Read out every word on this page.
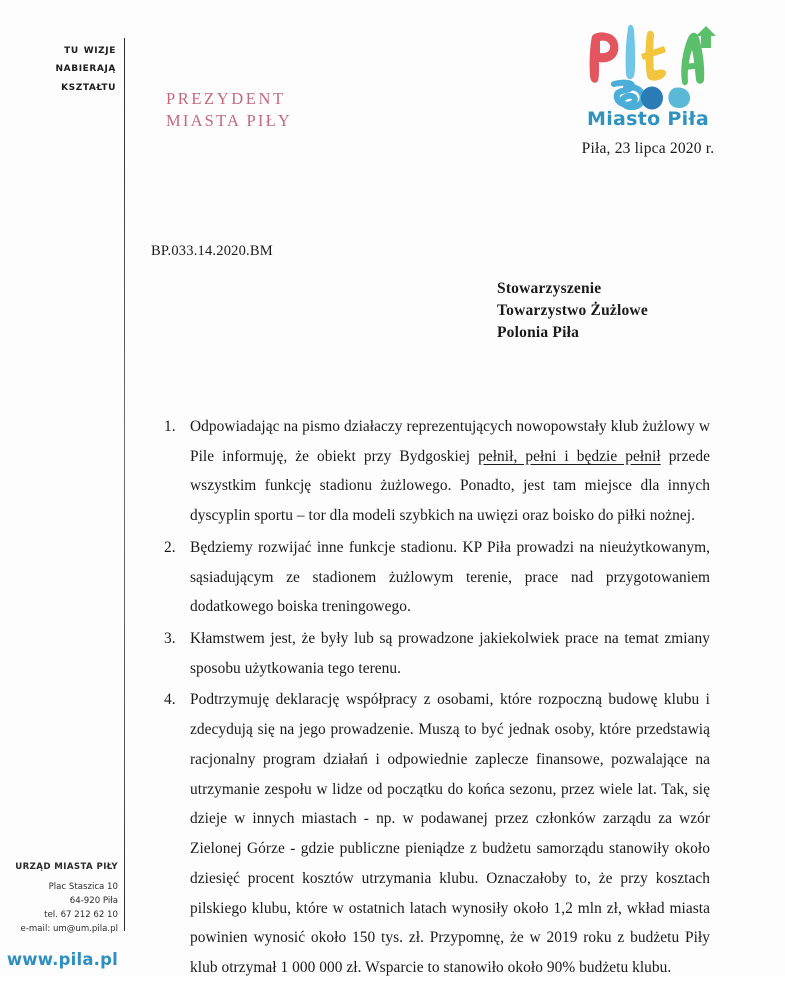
tu wizje
nabierają
kształtu
PREZYDENT
MIASTA PIŁY	Miasto Piła
Piła, 23 lipca 2020 r.
BP.033.14.2020.BM
Stowarzyszenie
Towarzystwo Żużlowe
Polonia Piła

Odpowiadając na pismo działaczy reprezentujących nowopowstały klub żużlowy w Pile informuję, że obiekt przy Bydgoskiej pełnił, pełni i będzie pełnił przede wszystkim funkcję stadionu żużlowego. Ponadto, jest tam miejsce dla innych dyscyplin sportu – tor dla modeli szybkich na uwięzi oraz boisko do piłki nożnej.

Będziemy rozwijać inne funkcje stadionu. KP Piła prowadzi na nieużytkowanym, sąsiadującym ze stadionem żużlowym terenie, prace nad przygotowaniem dodatkowego boiska treningowego.

Kłamstwem jest, że były lub są prowadzone jakiekolwiek prace na temat zmiany sposobu użytkowania tego terenu.

Podtrzymuję deklarację współpracy z osobami, które rozpoczną budowę klubu i zdecydują się na jego prowadzenie. Muszą to być jednak osoby, które przedstawią racjonalny program działań i odpowiednie zaplecze finansowe, pozwalające na utrzymanie zespołu w lidze od początku do końca sezonu, przez wiele lat. Tak, się dzieje w innych miastach - np. w podawanej przez członków zarządu za wzór Zielonej Górze - gdzie publiczne pieniądze z budżetu samorządu stanowiły około dziesięć procent kosztów utrzymania klubu. Oznaczałoby to, że przy kosztach pilskiego klubu, które w ostatnich latach wynosiły około 1,2 mln zł, wkład miasta powinien wynosić około 150 tys. zł. Przypomnę, że w 2019 roku z budżetu Piły klub otrzymał 1 000 000 zł. Wsparcie to stanowiło około 90% budżetu klubu.

URZĄD MIASTA PIŁY
Plac Staszica 10
64-920 Piła
tel. 67 212 62 10
e-mail: um@um.pila.pl
www.pila.pl
